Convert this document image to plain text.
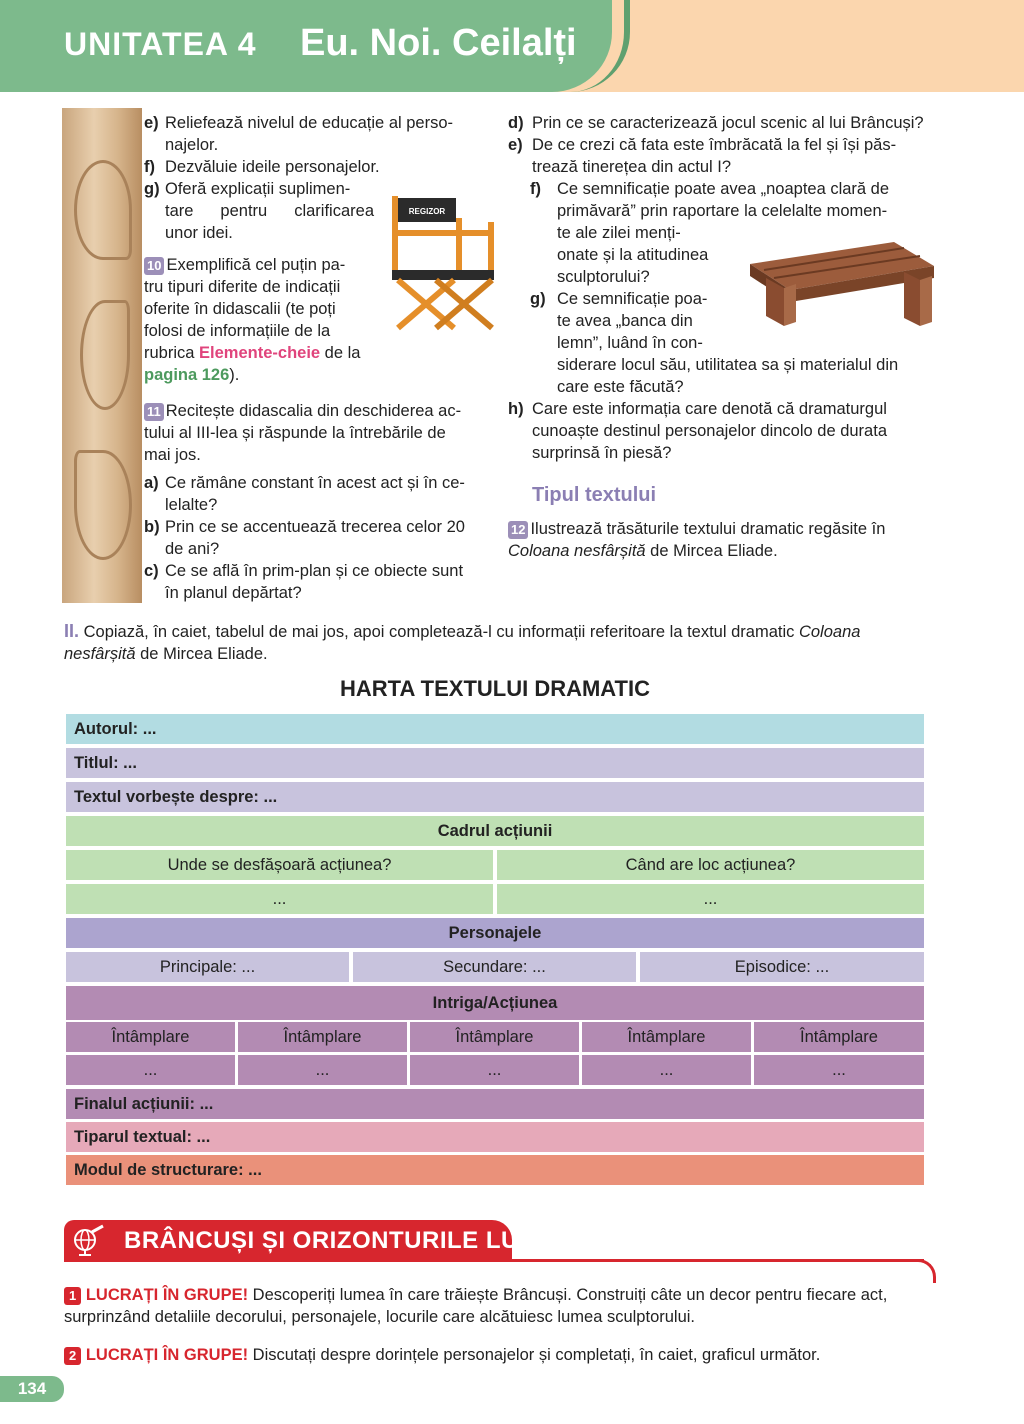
UNITATEA 4 Eu. Noi. Ceilalți
e) Reliefează nivelul de educație al perso-
najelor.
f) Dezvăluie ideile personajelor.
g) Oferă explicații suplimen-
tare pentru clarificarea
unor idei.
REGIZOR
10 Exemplifică cel puțin pa-
tru tipuri diferite de indicații
oferite în didascalii (te poți
folosi de informațiile de la
rubrica Elemente-cheie de la
pagina 126).
11 Recitește didascalia din deschiderea ac-
tului al III-lea și răspunde la întrebările de
mai jos.
a) Ce rămâne constant în acest act și în ce-
lelalte?
b) Prin ce se accentuează trecerea celor 20
de ani?
c) Ce se află în prim-plan și ce obiecte sunt
în planul depărtat?
d) Prin ce se caracterizează jocul scenic al lui Brâncuși?
e) De ce crezi că fata este îmbrăcată la fel și își păs-
trează tinerețea din actul I?
f) Ce semnificație poate avea „noaptea clară de
primăvară” prin raportare la celelalte momen-
te ale zilei menți-
onate și la atitudinea
sculptorului?
g) Ce semnificație poa-
te avea „banca din
lemn”, luând în con-
siderare locul său, utilitatea sa și materialul din
care este făcută?
h) Care este informația care denotă că dramaturgul
cunoaște destinul personajelor dincolo de durata
surprinsă în piesă?
Tipul textului
12 Ilustrează trăsăturile textului dramatic regăsite în
Coloana nesfârșită de Mircea Eliade.
II. Copiază, în caiet, tabelul de mai jos, apoi completează-l cu informații referitoare la textul dramatic Coloana
nesfârșită de Mircea Eliade.
HARTA TEXTULUI DRAMATIC
Autorul: ...
Titlul: ...
Textul vorbește despre: ...
Cadrul acțiunii
Unde se desfășoară acțiunea?	Când are loc acțiunea?
...	...
Personajele
Principale: ...	Secundare: ...	Episodice: ...
Intriga/Acțiunea
Întâmplare	Întâmplare	Întâmplare	Întâmplare	Întâmplare
...	...	...	...	...
Finalul acțiunii: ...
Tiparul textual: ...
Modul de structurare: ...
BRÂNCUȘI ȘI ORIZONTURILE LUMII
1 LUCRAȚI ÎN GRUPE! Descoperiți lumea în care trăiește Brâncuși. Construiți câte un decor pentru fiecare act,
surprinzând detaliile decorului, personajele, locurile care alcătuiesc lumea sculptorului.
2 LUCRAȚI ÎN GRUPE! Discutați despre dorințele personajelor și completați, în caiet, graficul următor.
134
